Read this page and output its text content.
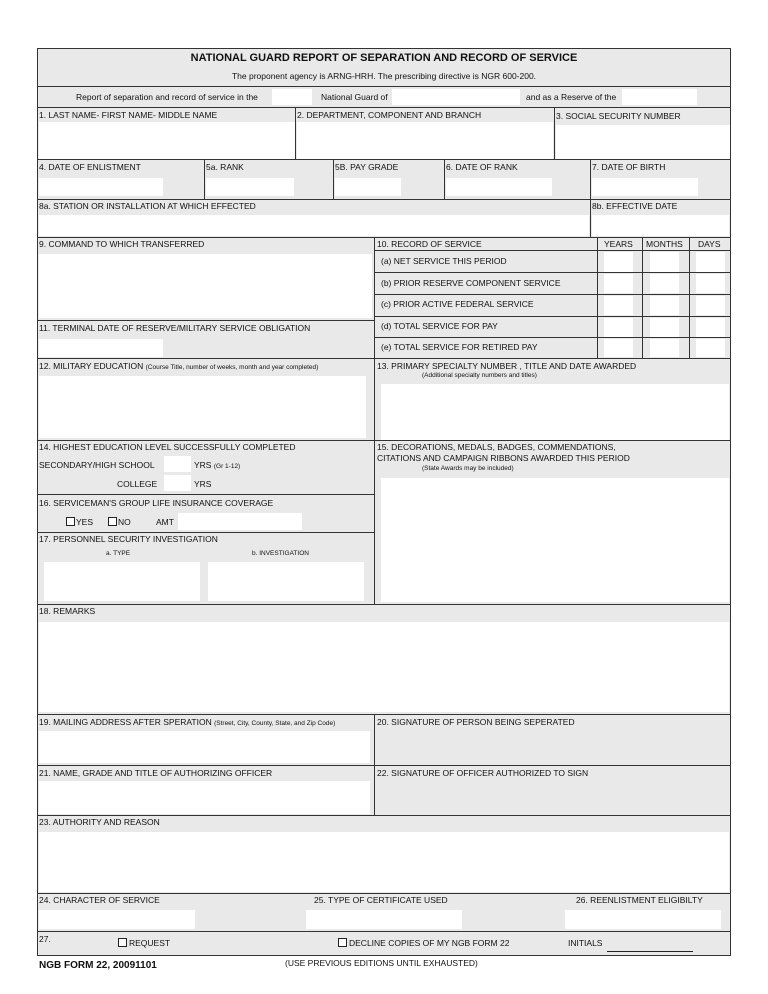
NATIONAL GUARD REPORT OF SEPARATION AND RECORD OF SERVICE
The proponent agency is ARNG-HRH. The prescribing directive is NGR 600-200.
Report of separation and record of service in the	National Guard of	and as a Reserve of the
1. LAST NAME- FIRST NAME- MIDDLE NAME	2. DEPARTMENT, COMPONENT AND BRANCH	3. SOCIAL SECURITY NUMBER
4. DATE OF ENLISTMENT	5a. RANK	5B. PAY GRADE	6. DATE OF RANK	7. DATE OF BIRTH
8a. STATION OR INSTALLATION AT WHICH EFFECTED	8b. EFFECTIVE DATE
9. COMMAND TO WHICH TRANSFERRED
11. TERMINAL DATE OF RESERVE/MILITARY SERVICE OBLIGATION
10. RECORD OF SERVICE	YEARS MONTHS DAYS
(a) NET SERVICE THIS PERIOD
(b) PRIOR RESERVE COMPONENT SERVICE
(c) PRIOR ACTIVE FEDERAL SERVICE
(d) TOTAL SERVICE FOR PAY
(e) TOTAL SERVICE FOR RETIRED PAY
12. MILITARY EDUCATION (Course Title, number of weeks, month and year completed)	13. PRIMARY SPECIALTY NUMBER , TITLE AND DATE AWARDED
(Additional specialty numbers and titles)
14. HIGHEST EDUCATION LEVEL SUCCESSFULLY COMPLETED
SECONDARY/HIGH SCHOOL	YRS (Gr 1-12)
COLLEGE	YRS
15. DECORATIONS, MEDALS, BADGES, COMMENDATIONS,
CITATIONS AND CAMPAIGN RIBBONS AWARDED THIS PERIOD
(State Awards may be included)
16. SERVICEMAN'S GROUP LIFE INSURANCE COVERAGE
YES	NO	AMT
17. PERSONNEL SECURITY INVESTIGATION
a. TYPE	b. INVESTIGATION
18. REMARKS
19. MAILING ADDRESS AFTER SPERATION (Street, City, County, State, and Zip Code)	20. SIGNATURE OF PERSON BEING SEPERATED
21. NAME, GRADE AND TITLE OF AUTHORIZING OFFICER	22. SIGNATURE OF OFFICER AUTHORIZED TO SIGN
23. AUTHORITY AND REASON
24. CHARACTER OF SERVICE	25. TYPE OF CERTIFICATE USED	26. REENLISTMENT ELIGIBILTY
27.	REQUEST	DECLINE COPIES OF MY NGB FORM 22	INITIALS
NGB FORM 22, 20091101	(USE PREVIOUS EDITIONS UNTIL EXHAUSTED)
